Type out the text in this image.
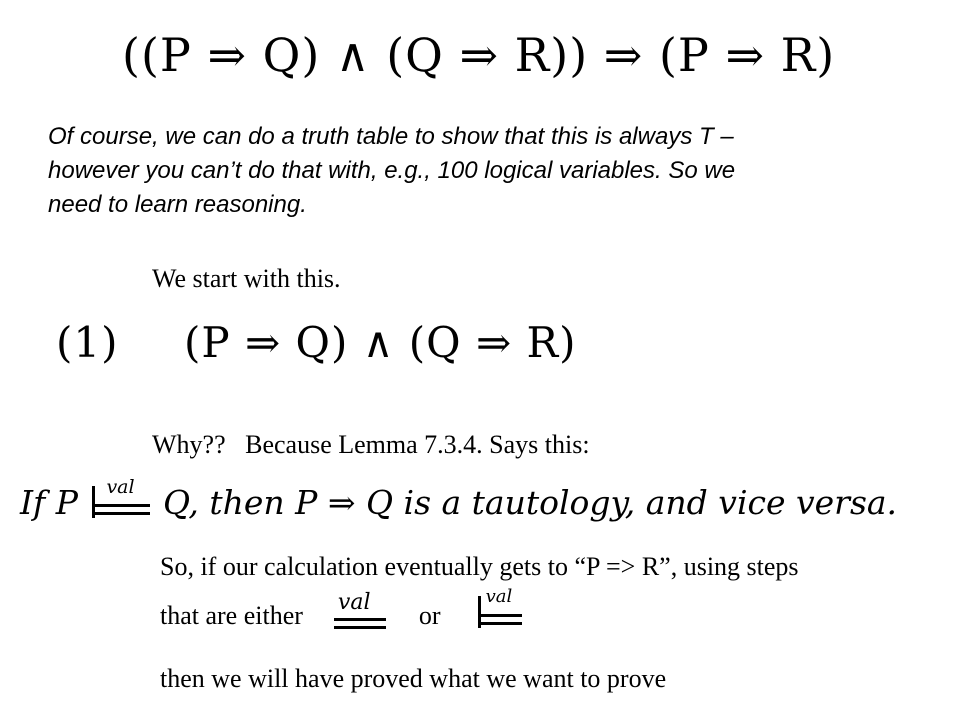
((P ⇒ Q) ∧ (Q ⇒ R)) ⇒ (P ⇒ R)
Of course, we can do a truth table to show that this is always T –
however you can’t do that with, e.g., 100 logical variables. So we
need to learn reasoning.
We start with this.
(1) (P ⇒ Q) ∧ (Q ⇒ R)
Why??   Because Lemma 7.3.4. Says this:
If P val Q, then P ⇒ Q is a tautology, and vice versa.
So, if our calculation eventually gets to “P => R”, using steps
that are either val or
val
then we will have proved what we want to prove
